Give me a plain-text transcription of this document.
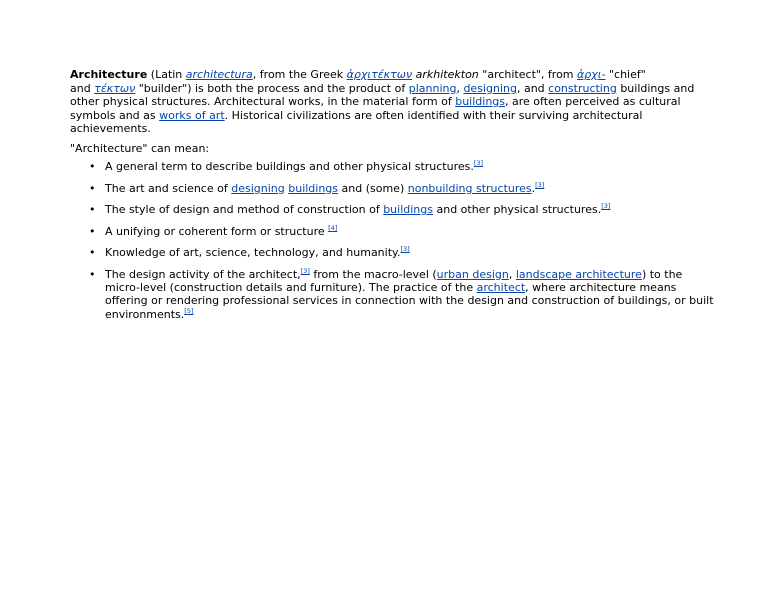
Architecture (Latin architectura, from the Greek ἀρχιτέκτων arkhitekton "architect", from ἀρχι- "chief"
and τέκτων "builder") is both the process and the product of planning, designing, and constructing buildings and
other physical structures. Architectural works, in the material form of buildings, are often perceived as cultural
symbols and as works of art. Historical civilizations are often identified with their surviving architectural
achievements.

"Architecture" can mean:

• A general term to describe buildings and other physical structures.[3]
• The art and science of designing buildings and (some) nonbuilding structures.[3]
• The style of design and method of construction of buildings and other physical structures.[3]
• A unifying or coherent form or structure [4]
• Knowledge of art, science, technology, and humanity.[3]
• The design activity of the architect,[3] from the macro-level (urban design, landscape architecture) to the
micro-level (construction details and furniture). The practice of the architect, where architecture means
offering or rendering professional services in connection with the design and construction of buildings, or built
environments.[5]
